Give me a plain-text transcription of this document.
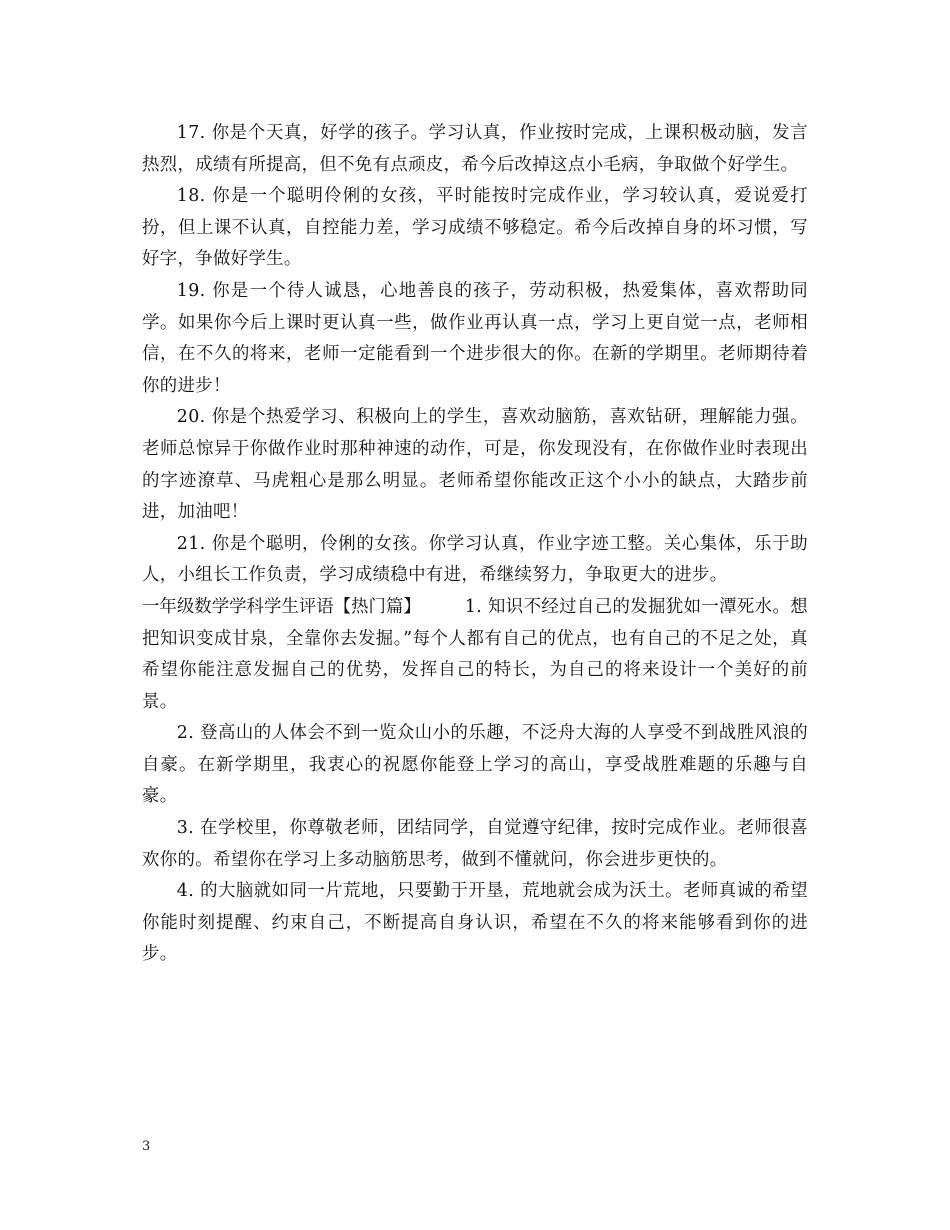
17. 你是个天真，好学的孩子。学习认真，作业按时完成，上课积极动脑，发言热烈，成绩有所提高，但不免有点顽皮，希今后改掉这点小毛病，争取做个好学生。

18. 你是一个聪明伶俐的女孩，平时能按时完成作业，学习较认真，爱说爱打扮，但上课不认真，自控能力差，学习成绩不够稳定。希今后改掉自身的坏习惯，写好字，争做好学生。

19. 你是一个待人诚恳，心地善良的孩子，劳动积极，热爱集体，喜欢帮助同学。如果你今后上课时更认真一些，做作业再认真一点，学习上更自觉一点，老师相信，在不久的将来，老师一定能看到一个进步很大的你。在新的学期里。老师期待着你的进步！

20. 你是个热爱学习、积极向上的学生，喜欢动脑筋，喜欢钻研，理解能力强。老师总惊异于你做作业时那种神速的动作，可是，你发现没有，在你做作业时表现出的字迹潦草、马虎粗心是那么明显。老师希望你能改正这个小小的缺点，大踏步前进，加油吧！

21. 你是个聪明，伶俐的女孩。你学习认真，作业字迹工整。关心集体，乐于助人，小组长工作负责，学习成绩稳中有进，希继续努力，争取更大的进步。

一年级数学学科学生评语【热门篇】	1. 知识不经过自己的发掘犹如一潭死水。想把知识变成甘泉，全靠你去发掘。”每个人都有自己的优点，也有自己的不足之处，真希望你能注意发掘自己的优势，发挥自己的特长，为自己的将来设计一个美好的前景。

2. 登高山的人体会不到一览众山小的乐趣，不泛舟大海的人享受不到战胜风浪的自豪。在新学期里，我衷心的祝愿你能登上学习的高山，享受战胜难题的乐趣与自豪。

3. 在学校里，你尊敬老师，团结同学，自觉遵守纪律，按时完成作业。老师很喜欢你的。希望你在学习上多动脑筋思考，做到不懂就问，你会进步更快的。

4. 的大脑就如同一片荒地，只要勤于开垦，荒地就会成为沃土。老师真诚的希望你能时刻提醒、约束自己，不断提高自身认识，希望在不久的将来能够看到你的进步。

3
